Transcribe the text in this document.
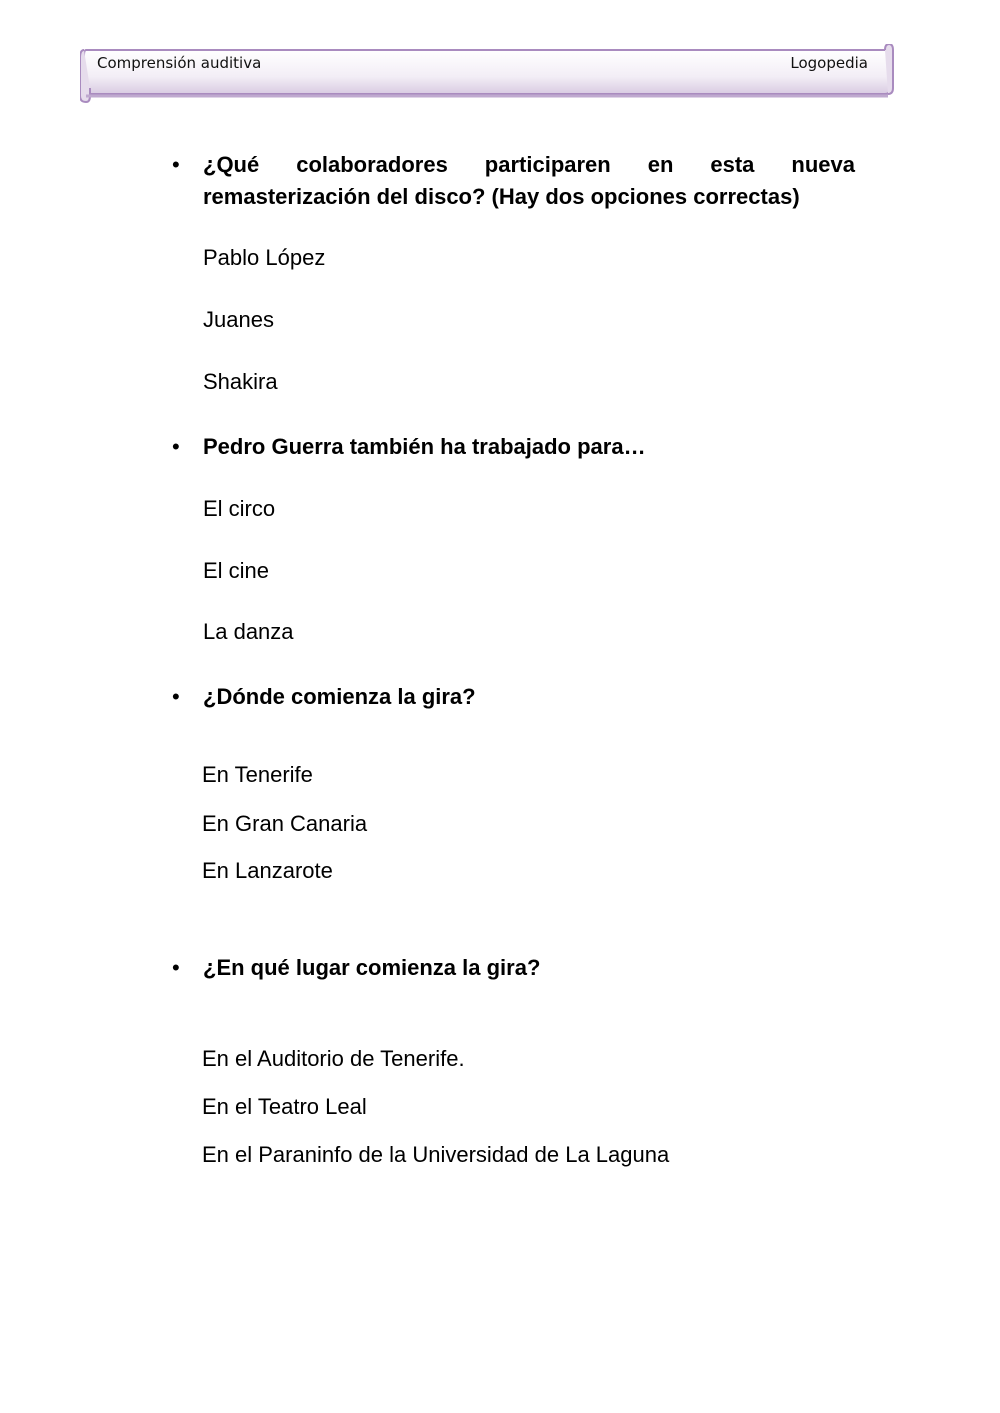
Comprensión auditiva	Logopedia
• ¿Qué colaboradores participaren en esta nueva remasterización del disco? (Hay dos opciones correctas)
Pablo López
Juanes
Shakira
• Pedro Guerra también ha trabajado para…
El circo
El cine
La danza
• ¿Dónde comienza la gira?
En Tenerife
En Gran Canaria
En Lanzarote
• ¿En qué lugar comienza la gira?
En el Auditorio de Tenerife.
En el Teatro Leal
En el Paraninfo de la Universidad de La Laguna
